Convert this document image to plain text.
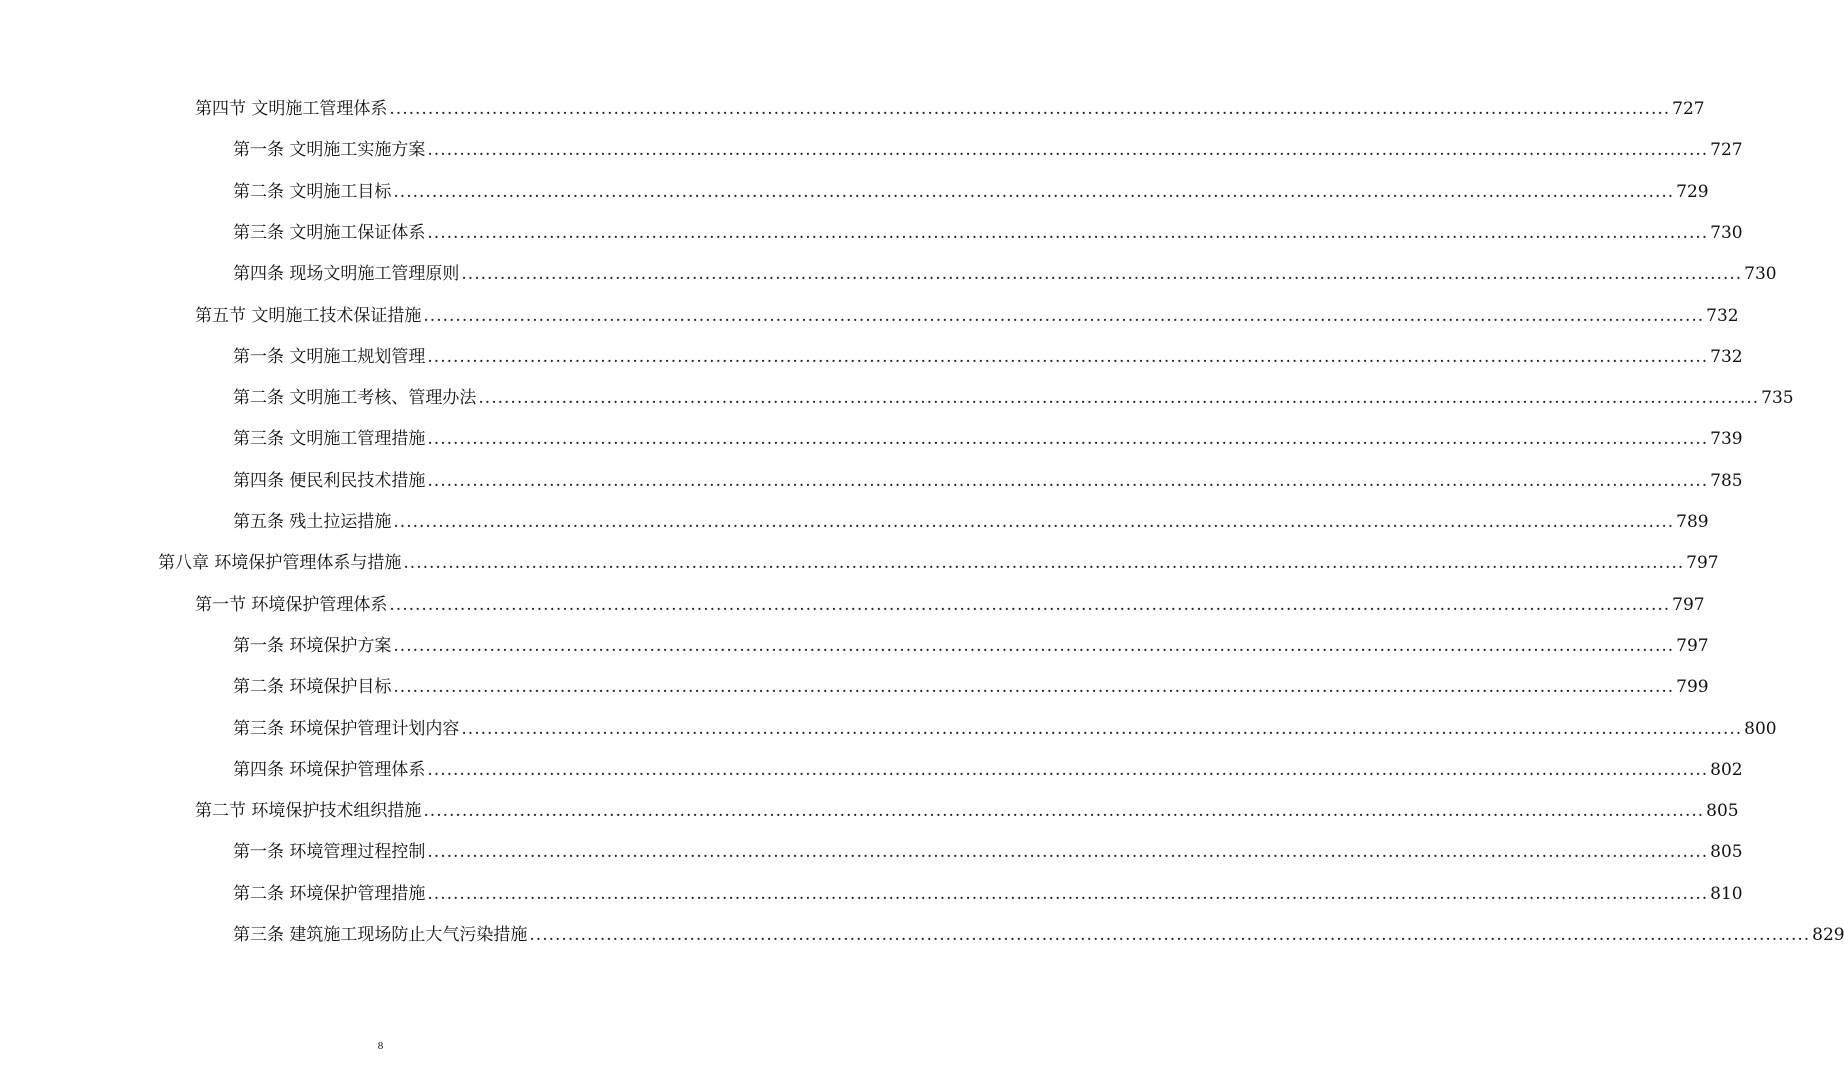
第四节 文明施工管理体系 ........................................................................................................................................................................................................ 727
第一条 文明施工实施方案 ........................................................................................................................................................................................................ 727
第二条 文明施工目标 ........................................................................................................................................................................................................ 729
第三条 文明施工保证体系 ........................................................................................................................................................................................................ 730
第四条 现场文明施工管理原则 ........................................................................................................................................................................................................ 730
第五节 文明施工技术保证措施 ........................................................................................................................................................................................................ 732
第一条 文明施工规划管理 ........................................................................................................................................................................................................ 732
第二条 文明施工考核、管理办法 ........................................................................................................................................................................................................ 735
第三条 文明施工管理措施 ........................................................................................................................................................................................................ 739
第四条 便民利民技术措施 ........................................................................................................................................................................................................ 785
第五条 残土拉运措施 ........................................................................................................................................................................................................ 789
第八章 环境保护管理体系与措施 ........................................................................................................................................................................................................ 797
第一节 环境保护管理体系 ........................................................................................................................................................................................................ 797
第一条 环境保护方案 ........................................................................................................................................................................................................ 797
第二条 环境保护目标 ........................................................................................................................................................................................................ 799
第三条 环境保护管理计划内容 ........................................................................................................................................................................................................ 800
第四条 环境保护管理体系 ........................................................................................................................................................................................................ 802
第二节 环境保护技术组织措施 ........................................................................................................................................................................................................ 805
第一条 环境管理过程控制 ........................................................................................................................................................................................................ 805
第二条 环境保护管理措施 ........................................................................................................................................................................................................ 810
第三条 建筑施工现场防止大气污染措施 ........................................................................................................................................................................................................ 829
8
